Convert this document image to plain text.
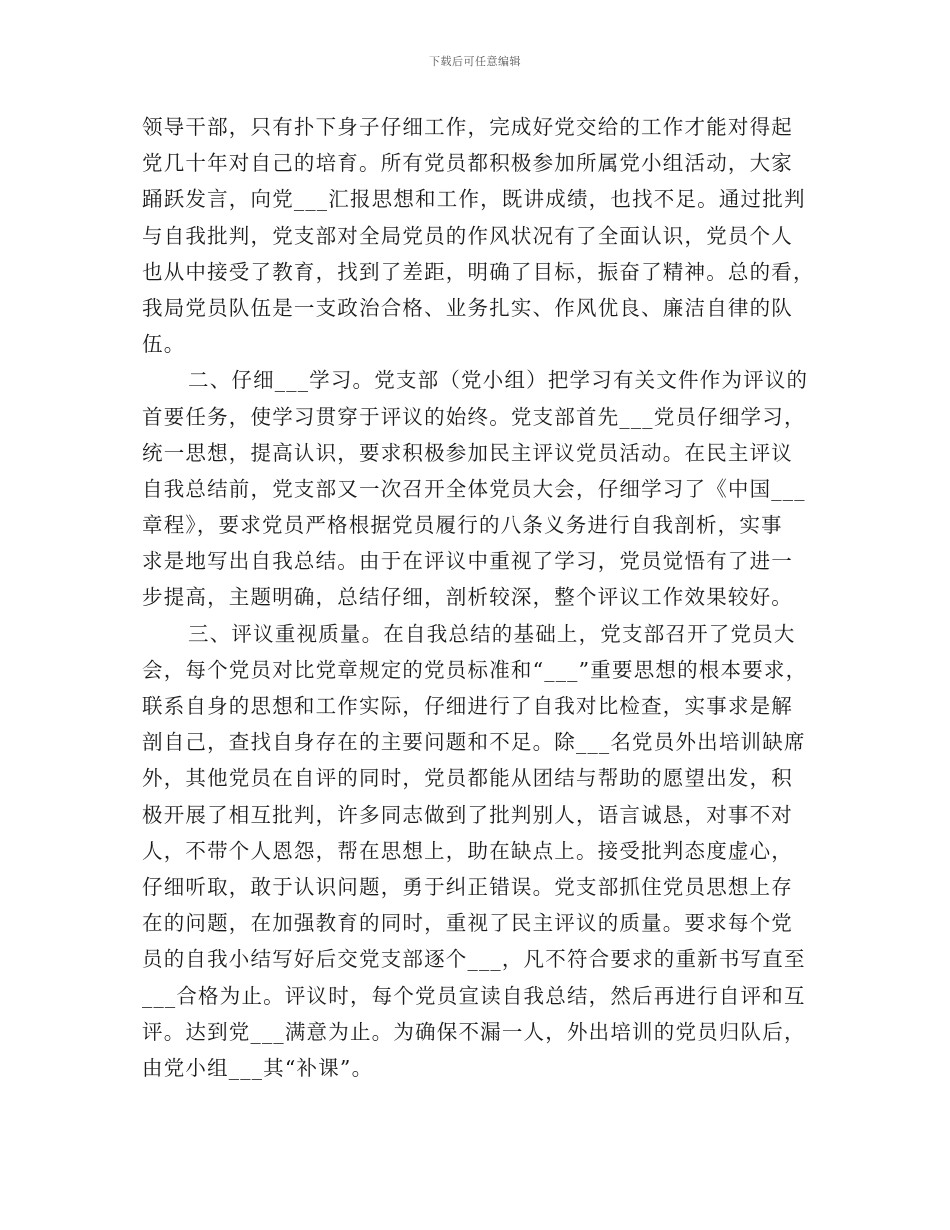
下载后可任意编辑
领导干部，只有扑下身子仔细工作，完成好党交给的工作才能对得起
党几十年对自己的培育。所有党员都积极参加所属党小组活动，大家
踊跃发言，向党___汇报思想和工作，既讲成绩，也找不足。通过批判
与自我批判，党支部对全局党员的作风状况有了全面认识，党员个人
也从中接受了教育，找到了差距，明确了目标，振奋了精神。总的看，
我局党员队伍是一支政治合格、业务扎实、作风优良、廉洁自律的队
伍。
二、仔细___学习。党支部（党小组）把学习有关文件作为评议的
首要任务，使学习贯穿于评议的始终。党支部首先___党员仔细学习，
统一思想，提高认识，要求积极参加民主评议党员活动。在民主评议
自我总结前，党支部又一次召开全体党员大会，仔细学习了《中国___
章程》，要求党员严格根据党员履行的八条义务进行自我剖析，实事
求是地写出自我总结。由于在评议中重视了学习，党员觉悟有了进一
步提高，主题明确，总结仔细，剖析较深，整个评议工作效果较好。
三、评议重视质量。在自我总结的基础上，党支部召开了党员大
会，每个党员对比党章规定的党员标准和“___”重要思想的根本要求，
联系自身的思想和工作实际，仔细进行了自我对比检查，实事求是解
剖自己，查找自身存在的主要问题和不足。除___名党员外出培训缺席
外，其他党员在自评的同时，党员都能从团结与帮助的愿望出发，积
极开展了相互批判，许多同志做到了批判别人，语言诚恳，对事不对
人，不带个人恩怨，帮在思想上，助在缺点上。接受批判态度虚心，
仔细听取，敢于认识问题，勇于纠正错误。党支部抓住党员思想上存
在的问题，在加强教育的同时，重视了民主评议的质量。要求每个党
员的自我小结写好后交党支部逐个___，凡不符合要求的重新书写直至
___合格为止。评议时，每个党员宣读自我总结，然后再进行自评和互
评。达到党___满意为止。为确保不漏一人，外出培训的党员归队后，
由党小组___其“补课”。
